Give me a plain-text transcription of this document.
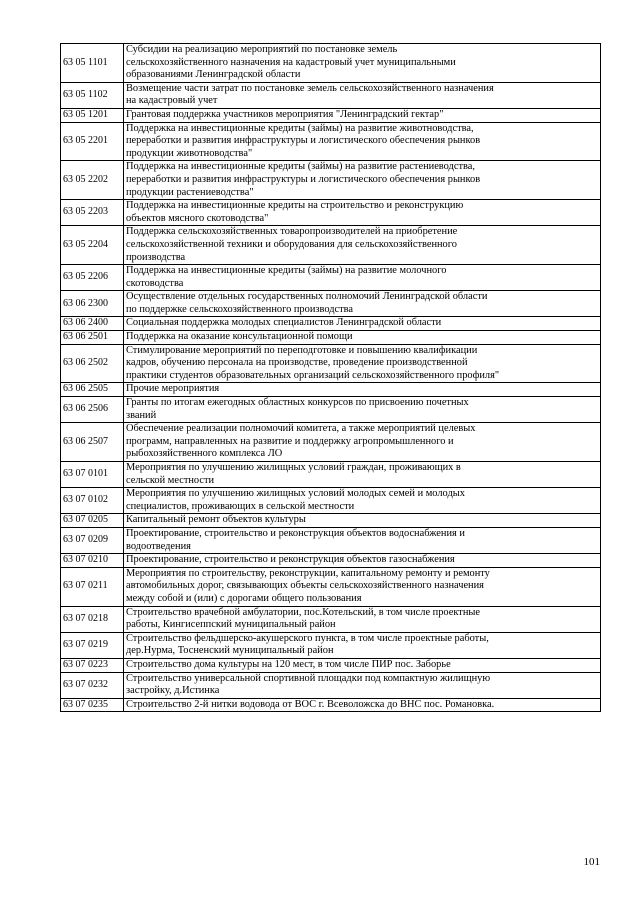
63 05 1101	Субсидии на реализацию мероприятий по постановке земель
сельскохозяйственного назначения на кадастровый учет муниципальными
образованиями Ленинградской области
63 05 1102	Возмещение части затрат по постановке земель сельскохозяйственного назначения
на кадастровый учет
63 05 1201	Грантовая поддержка участников мероприятия "Ленинградский гектар"
63 05 2201	Поддержка на инвестиционные кредиты (займы) на развитие животноводства,
переработки и развития инфраструктуры и логистического обеспечения рынков
продукции животноводства"
63 05 2202	Поддержка на инвестиционные кредиты (займы) на развитие растениеводства,
переработки и развития инфраструктуры и логистического обеспечения рынков
продукции растениеводства"
63 05 2203	Поддержка на инвестиционные кредиты на строительство и реконструкцию
объектов мясного скотоводства"
63 05 2204	Поддержка сельскохозяйственных товаропроизводителей на приобретение
сельскохозяйственной техники и оборудования для сельскохозяйственного
производства
63 05 2206	Поддержка на инвестиционные кредиты (займы) на развитие молочного
скотоводства
63 06 2300	Осуществление отдельных государственных полномочий Ленинградской области
по поддержке сельскохозяйственного производства
63 06 2400	Социальная поддержка молодых специалистов Ленинградской области
63 06 2501	Поддержка на оказание консультационной помощи
63 06 2502	Стимулирование мероприятий по переподготовке и повышению квалификации
кадров, обучению персонала на производстве, проведение производственной
практики студентов образовательных организаций сельскохозяйственного профиля"
63 06 2505	Прочие мероприятия
63 06 2506	Гранты по итогам ежегодных областных конкурсов по присвоению почетных
званий
63 06 2507	Обеспечение реализации полномочий комитета, а также мероприятий целевых
программ, направленных на развитие и поддержку агропромышленного и
рыбохозяйственного комплекса ЛО
63 07 0101	Мероприятия по улучшению жилищных условий граждан, проживающих в
сельской местности
63 07 0102	Мероприятия по улучшению жилищных условий молодых семей и молодых
специалистов, проживающих в сельской местности
63 07 0205	Капитальный ремонт объектов культуры
63 07 0209	Проектирование, строительство и реконструкция объектов водоснабжения и
водоотведения
63 07 0210	Проектирование, строительство и реконструкция объектов газоснабжения
63 07 0211	Мероприятия по строительству, реконструкции, капитальному ремонту и ремонту
автомобильных дорог, связывающих объекты сельскохозяйственного назначения
между собой и (или) с дорогами общего пользования
63 07 0218	Строительство врачебной амбулатории, пос.Котельский, в том числе проектные
работы, Кингисеппский муниципальный район
63 07 0219	Строительство фельдшерско-акушерского пункта, в том числе проектные работы,
дер.Нурма, Тосненский муниципальный район
63 07 0223	Строительство дома культуры на 120 мест, в том числе ПИР пос. Заборье
63 07 0232	Строительство универсальной спортивной площадки под компактную жилищную
застройку, д.Истинка
63 07 0235	Строительство 2-й нитки водовода от ВОС г. Всеволожска до ВНС пос. Романовка.
101
